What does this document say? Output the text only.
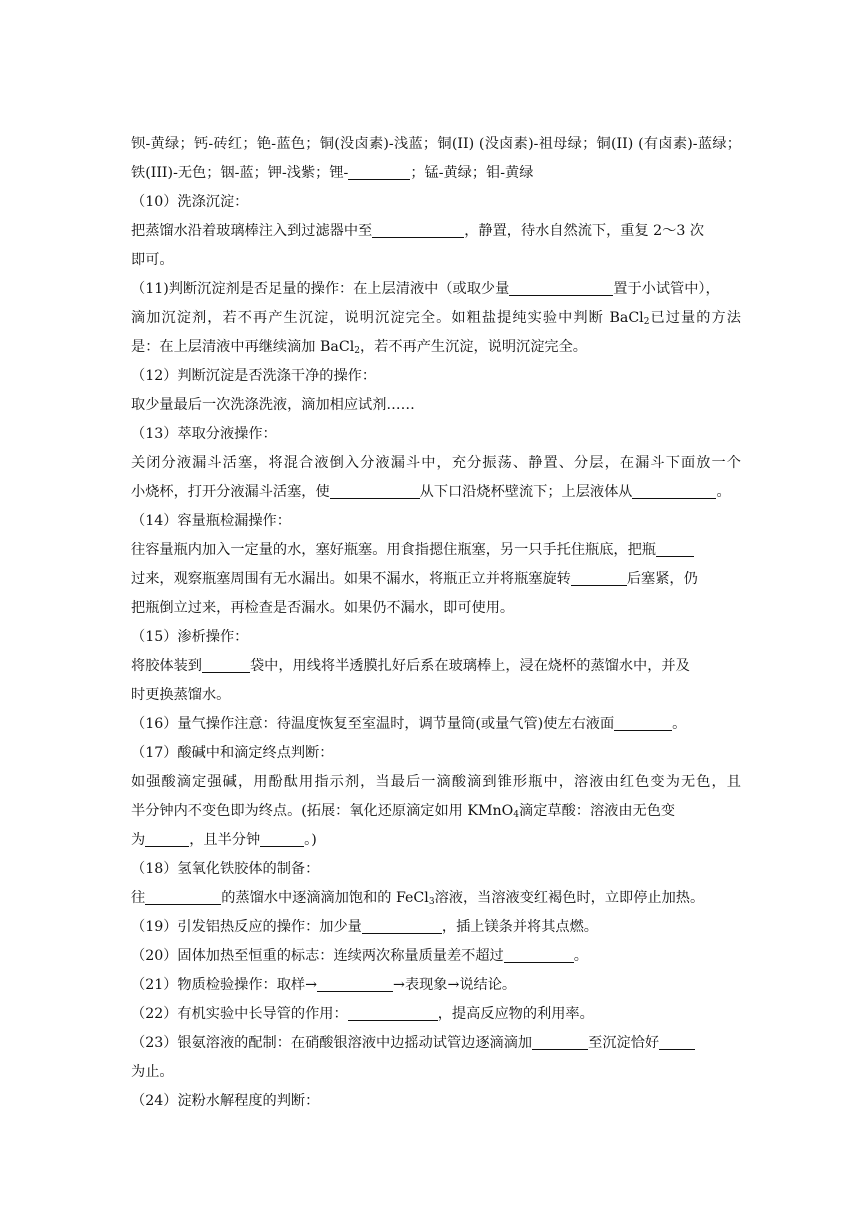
钡-黄绿；钙-砖红；铯-蓝色；铜(没卤素)-浅蓝；铜(II) (没卤素)-祖母绿；铜(II) (有卤素)-蓝绿；
铁(III)-无色；铟-蓝；钾-浅紫；锂-	；锰-黄绿；钼-黄绿
（10）洗涤沉淀：
把蒸馏水沿着玻璃棒注入到过滤器中至	，静置，待水自然流下，重复 2～3 次
即可。
（11)判断沉淀剂是否足量的操作：在上层清液中（或取少量	置于小试管中），
滴加沉淀剂，若不再产生沉淀，说明沉淀完全。如粗盐提纯实验中判断 BaCl$_2$已过量的方法
是：在上层清液中再继续滴加 BaCl$_2$，若不再产生沉淀，说明沉淀完全。
（12）判断沉淀是否洗涤干净的操作：
取少量最后一次洗涤洗液，滴加相应试剂……
（13）萃取分液操作：
关闭分液漏斗活塞，将混合液倒入分液漏斗中，充分振荡、静置、分层，在漏斗下面放一个
小烧杯，打开分液漏斗活塞，使	从下口沿烧杯壁流下；上层液体从	。
（14）容量瓶检漏操作：
往容量瓶内加入一定量的水，塞好瓶塞。用食指摁住瓶塞，另一只手托住瓶底，把瓶
过来，观察瓶塞周围有无水漏出。如果不漏水，将瓶正立并将瓶塞旋转	后塞紧，仍
把瓶倒立过来，再检查是否漏水。如果仍不漏水，即可使用。
（15）渗析操作：
将胶体装到	袋中，用线将半透膜扎好后系在玻璃棒上，浸在烧杯的蒸馏水中，并及
时更换蒸馏水。
（16）量气操作注意：待温度恢复至室温时，调节量筒(或量气管)使左右液面	。
（17）酸碱中和滴定终点判断：
如强酸滴定强碱，用酚酞用指示剂，当最后一滴酸滴到锥形瓶中，溶液由红色变为无色，且
半分钟内不变色即为终点。(拓展：氧化还原滴定如用 KMnO$_4$滴定草酸：溶液由无色变
为	，且半分钟	。)
（18）氢氧化铁胶体的制备：
往	的蒸馏水中逐滴滴加饱和的 FeCl$_3$溶液，当溶液变红褐色时，立即停止加热。
（19）引发铝热反应的操作：加少量	，插上镁条并将其点燃。
（20）固体加热至恒重的标志：连续两次称量质量差不超过	。
（21）物质检验操作：取样→	→表现象→说结论。
（22）有机实验中长导管的作用：	，提高反应物的利用率。
（23）银氨溶液的配制：在硝酸银溶液中边摇动试管边逐滴滴加	至沉淀恰好
为止。
（24）淀粉水解程度的判断：
